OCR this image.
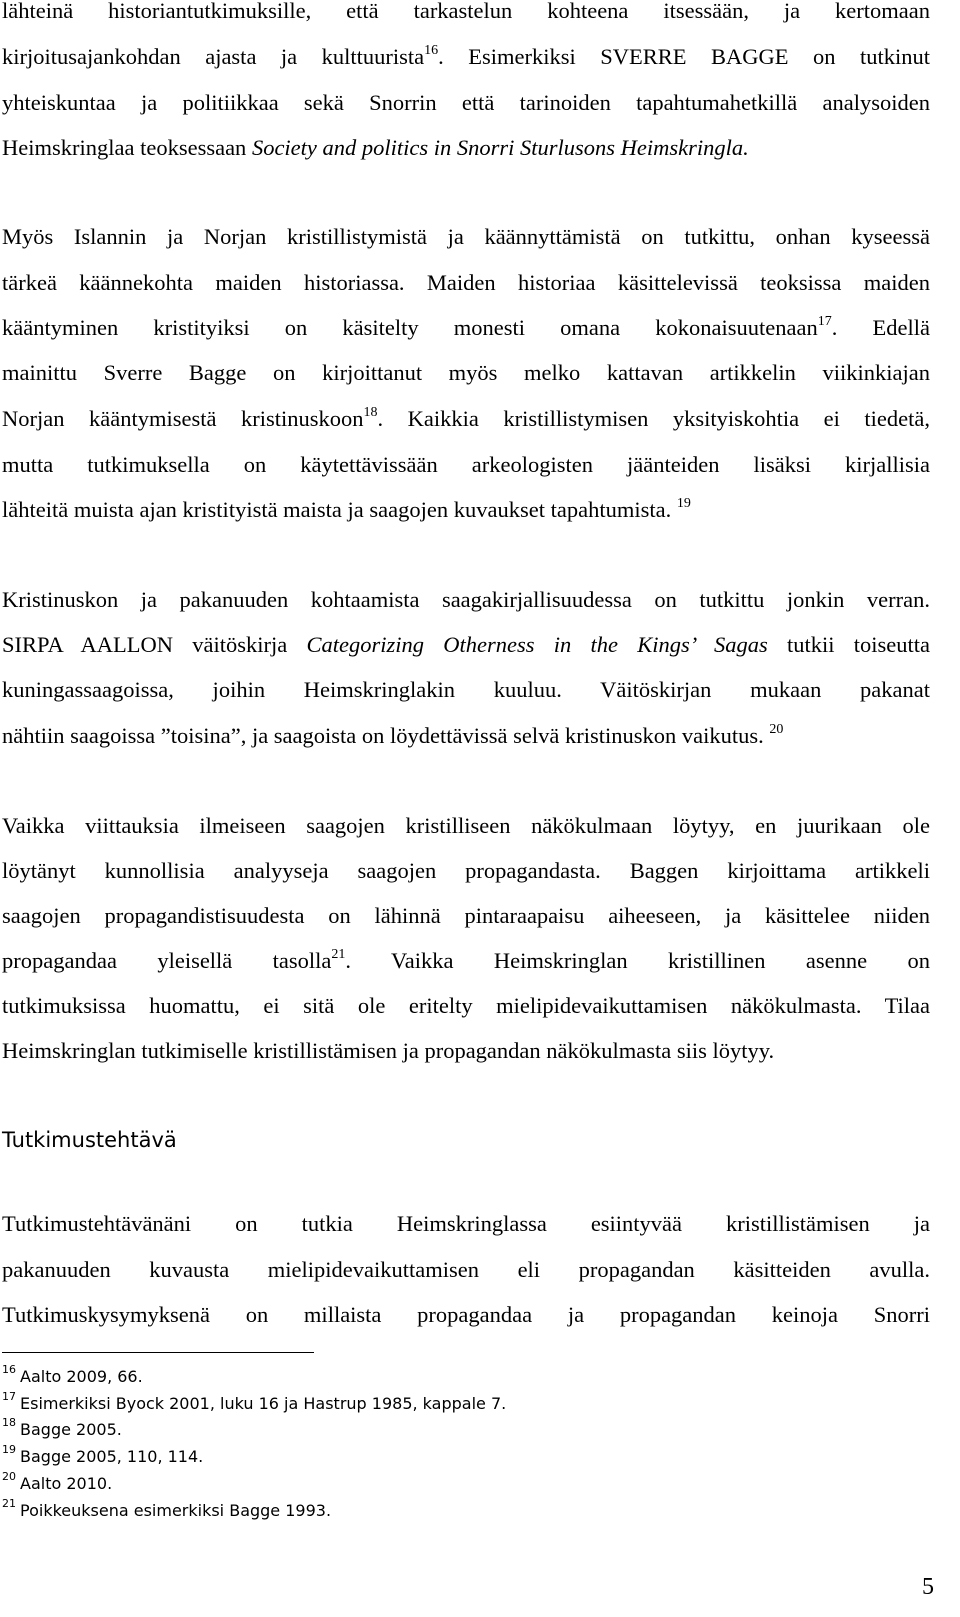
lähteinä historiantutkimuksille, että tarkastelun kohteena itsessään, ja kertomaan
kirjoitusajankohdan ajasta ja kulttuurista$^{16}$. Esimerkiksi SVERRE BAGGE on tutkinut
yhteiskuntaa ja politiikkaa sekä Snorrin että tarinoiden tapahtumahetkillä analysoiden
Heimskringlaa teoksessaan Society and politics in Snorri Sturlusons Heimskringla.
Myös Islannin ja Norjan kristillistymistä ja käännyttämistä on tutkittu, onhan kyseessä
tärkeä käännekohta maiden historiassa. Maiden historiaa käsittelevissä teoksissa maiden
kääntyminen kristityiksi on käsitelty monesti omana kokonaisuutenaan$^{17}$. Edellä
mainittu Sverre Bagge on kirjoittanut myös melko kattavan artikkelin viikinkiajan
Norjan kääntymisestä kristinuskoon$^{18}$. Kaikkia kristillistymisen yksityiskohtia ei tiedetä,
mutta tutkimuksella on käytettävissään arkeologisten jäänteiden lisäksi kirjallisia
lähteitä muista ajan kristityistä maista ja saagojen kuvaukset tapahtumista. $^{19}$
Kristinuskon ja pakanuuden kohtaamista saagakirjallisuudessa on tutkittu jonkin verran.
SIRPA AALLON väitöskirja Categorizing Otherness in the Kings’ Sagas tutkii toiseutta
kuningassaagoissa, joihin Heimskringlakin kuuluu. Väitöskirjan mukaan pakanat
nähtiin saagoissa ”toisina”, ja saagoista on löydettävissä selvä kristinuskon vaikutus. $^{20}$
Vaikka viittauksia ilmeiseen saagojen kristilliseen näkökulmaan löytyy, en juurikaan ole
löytänyt kunnollisia analyyseja saagojen propagandasta. Baggen kirjoittama artikkeli
saagojen propagandistisuudesta on lähinnä pintaraapaisu aiheeseen, ja käsittelee niiden
propagandaa yleisellä tasolla$^{21}$. Vaikka Heimskringlan kristillinen asenne on
tutkimuksissa huomattu, ei sitä ole eritelty mielipidevaikuttamisen näkökulmasta. Tilaa
Heimskringlan tutkimiselle kristillistämisen ja propagandan näkökulmasta siis löytyy.
Tutkimustehtävä
Tutkimustehtävänäni on tutkia Heimskringlassa esiintyvää kristillistämisen ja
pakanuuden kuvausta mielipidevaikuttamisen eli propagandan käsitteiden avulla.
Tutkimuskysymyksenä on millaista propagandaa ja propagandan keinoja Snorri
$^{16}$ Aalto 2009, 66.
$^{17}$ Esimerkiksi Byock 2001, luku 16 ja Hastrup 1985, kappale 7.
$^{18}$ Bagge 2005.
$^{19}$ Bagge 2005, 110, 114.
$^{20}$ Aalto 2010.
$^{21}$ Poikkeuksena esimerkiksi Bagge 1993.
5
